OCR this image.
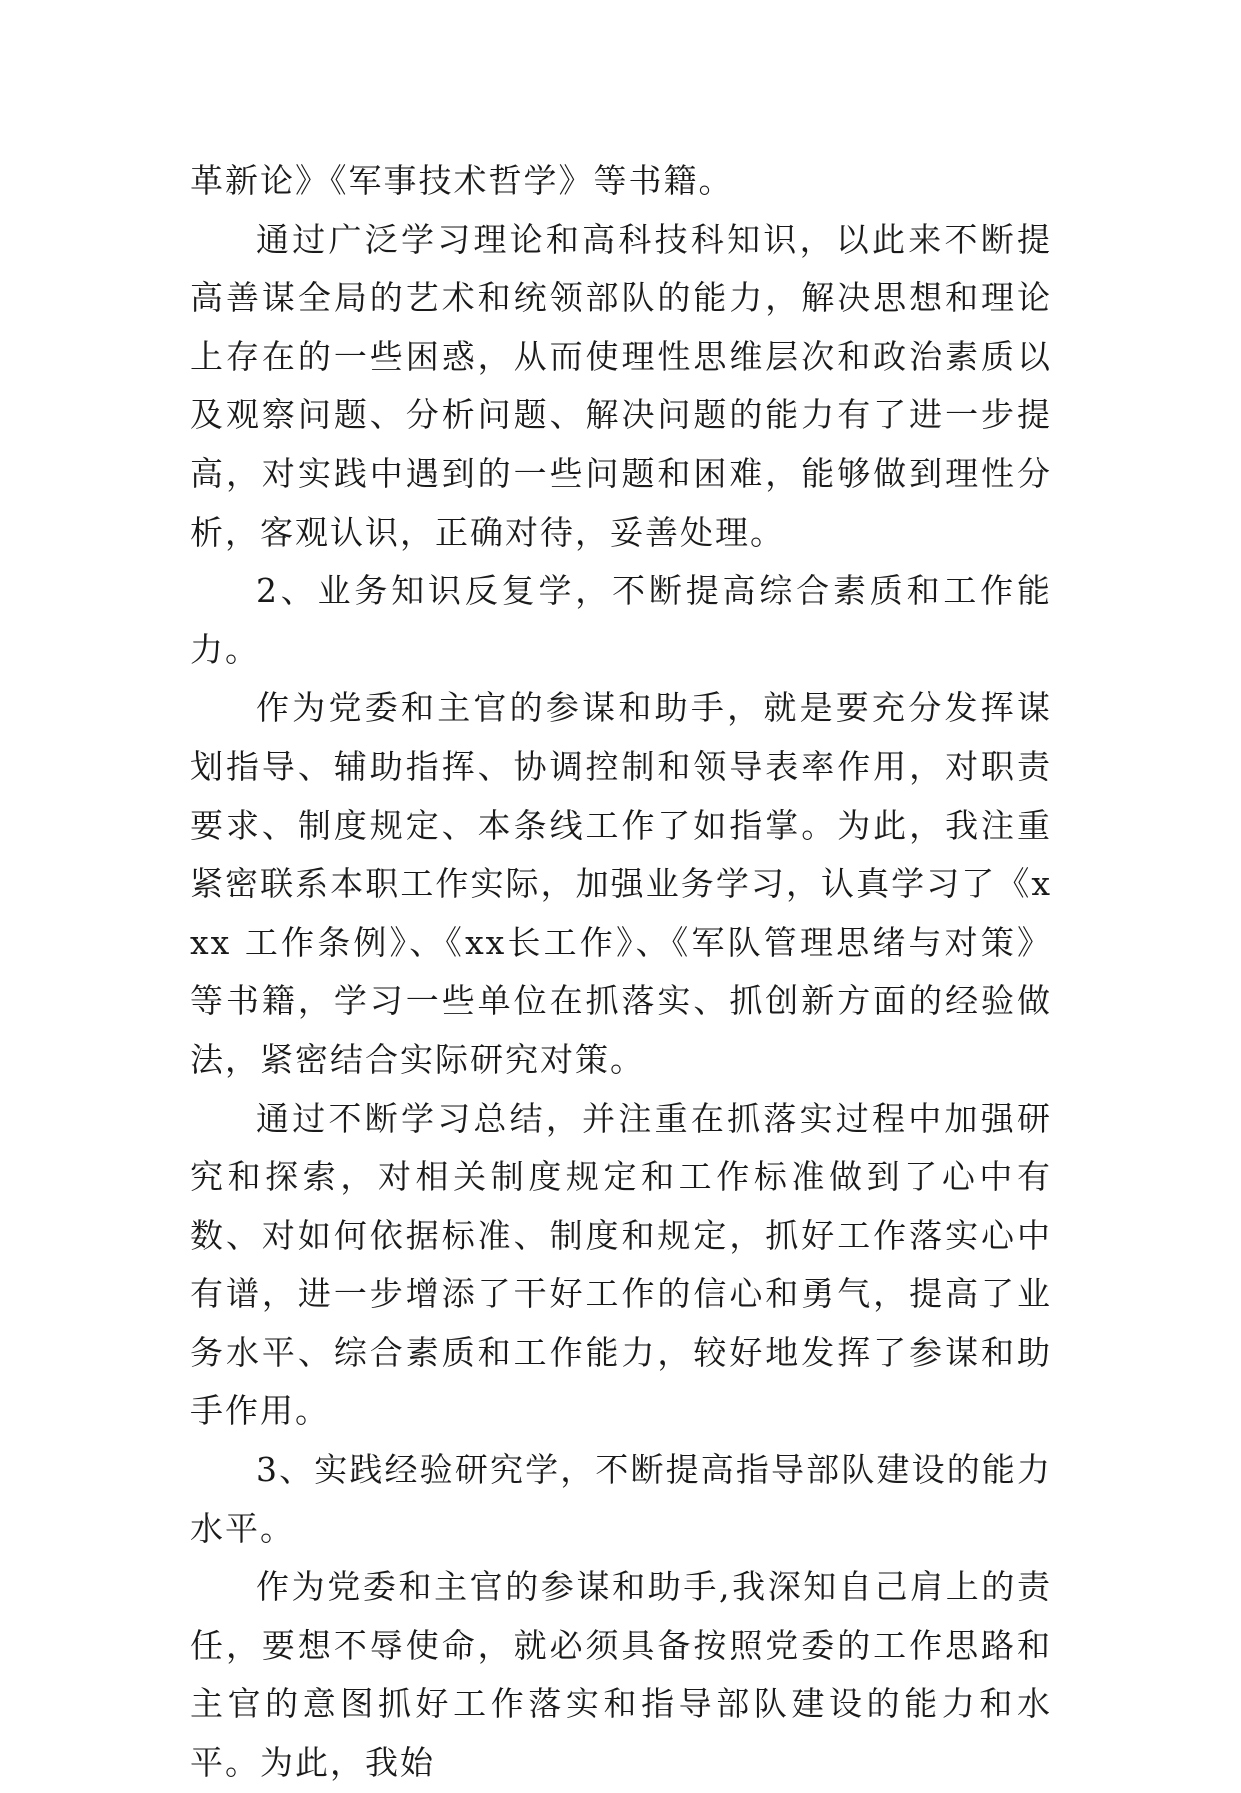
革新论》《军事技术哲学》等书籍。

通过广泛学习理论和高科技科知识，以此来不断提高善谋全局的艺术和统领部队的能力，解决思想和理论上存在的一些困惑，从而使理性思维层次和政治素质以及观察问题、分析问题、解决问题的能力有了进一步提高，对实践中遇到的一些问题和困难，能够做到理性分析，客观认识，正确对待，妥善处理。

2、业务知识反复学，不断提高综合素质和工作能力。

作为党委和主官的参谋和助手，就是要充分发挥谋划指导、辅助指挥、协调控制和领导表率作用，对职责要求、制度规定、本条线工作了如指掌。为此，我注重紧密联系本职工作实际，加强业务学习，认真学习了《xxx 工作条例》、《xx长工作》、《军队管理思绪与对策》等书籍，学习一些单位在抓落实、抓创新方面的经验做法，紧密结合实际研究对策。

通过不断学习总结，并注重在抓落实过程中加强研究和探索，对相关制度规定和工作标准做到了心中有数、对如何依据标准、制度和规定，抓好工作落实心中有谱，进一步增添了干好工作的信心和勇气，提高了业务水平、综合素质和工作能力，较好地发挥了参谋和助手作用。

3、实践经验研究学，不断提高指导部队建设的能力水平。

作为党委和主官的参谋和助手,我深知自己肩上的责任，要想不辱使命，就必须具备按照党委的工作思路和主官的意图抓好工作落实和指导部队建设的能力和水平。为此，我始
